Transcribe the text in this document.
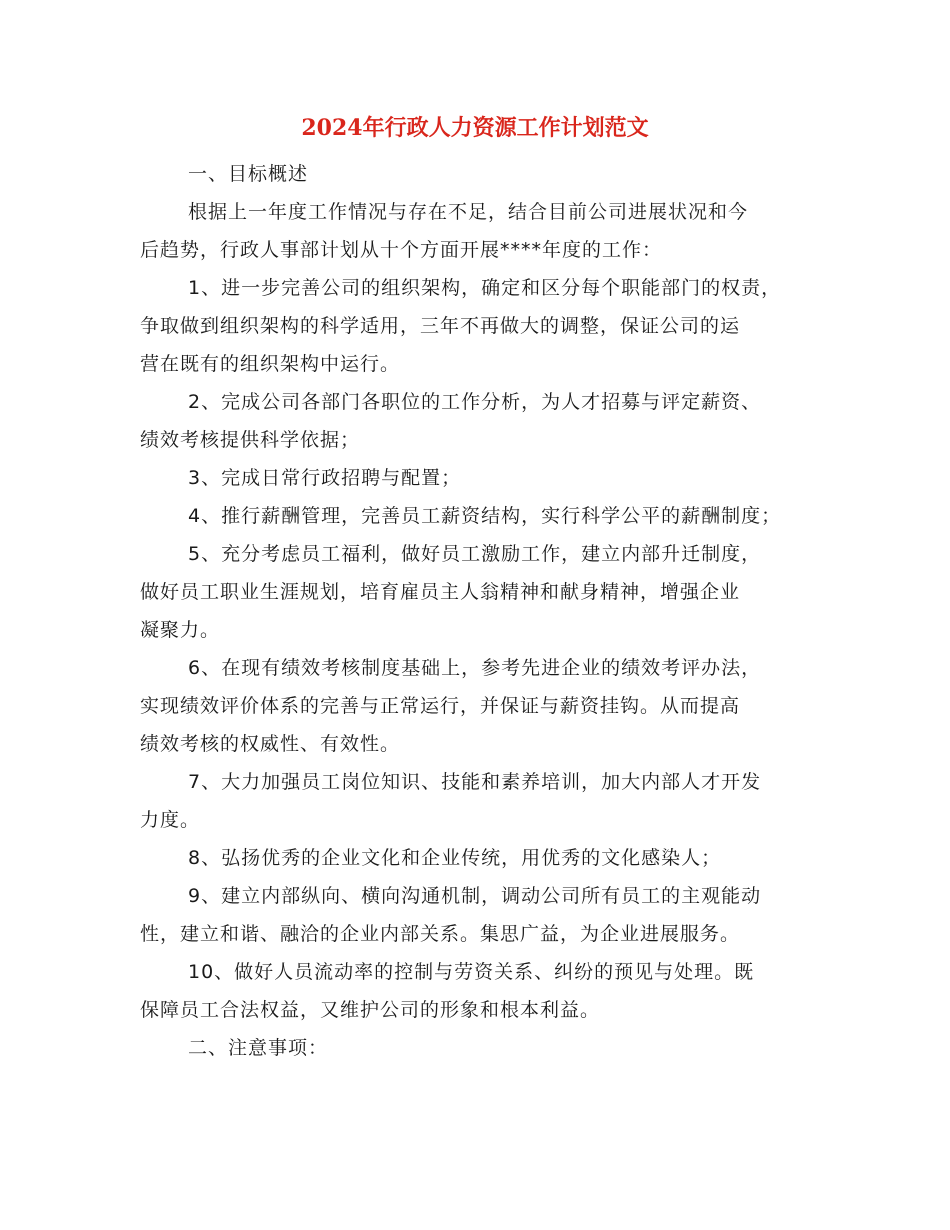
2024年行政人力资源工作计划范文
一、目标概述
根据上一年度工作情况与存在不足，结合目前公司进展状况和今
后趋势，行政人事部计划从十个方面开展****年度的工作：
1、进一步完善公司的组织架构，确定和区分每个职能部门的权责，
争取做到组织架构的科学适用，三年不再做大的调整，保证公司的运
营在既有的组织架构中运行。
2、完成公司各部门各职位的工作分析，为人才招募与评定薪资、
绩效考核提供科学依据；
3、完成日常行政招聘与配置；
4、推行薪酬管理，完善员工薪资结构，实行科学公平的薪酬制度；
5、充分考虑员工福利，做好员工激励工作，建立内部升迁制度，
做好员工职业生涯规划，培育雇员主人翁精神和献身精神，增强企业
凝聚力。
6、在现有绩效考核制度基础上，参考先进企业的绩效考评办法，
实现绩效评价体系的完善与正常运行，并保证与薪资挂钩。从而提高
绩效考核的权威性、有效性。
7、大力加强员工岗位知识、技能和素养培训，加大内部人才开发
力度。
8、弘扬优秀的企业文化和企业传统，用优秀的文化感染人；
9、建立内部纵向、横向沟通机制，调动公司所有员工的主观能动
性，建立和谐、融洽的企业内部关系。集思广益，为企业进展服务。
10、做好人员流动率的控制与劳资关系、纠纷的预见与处理。既
保障员工合法权益，又维护公司的形象和根本利益。
二、注意事项：
